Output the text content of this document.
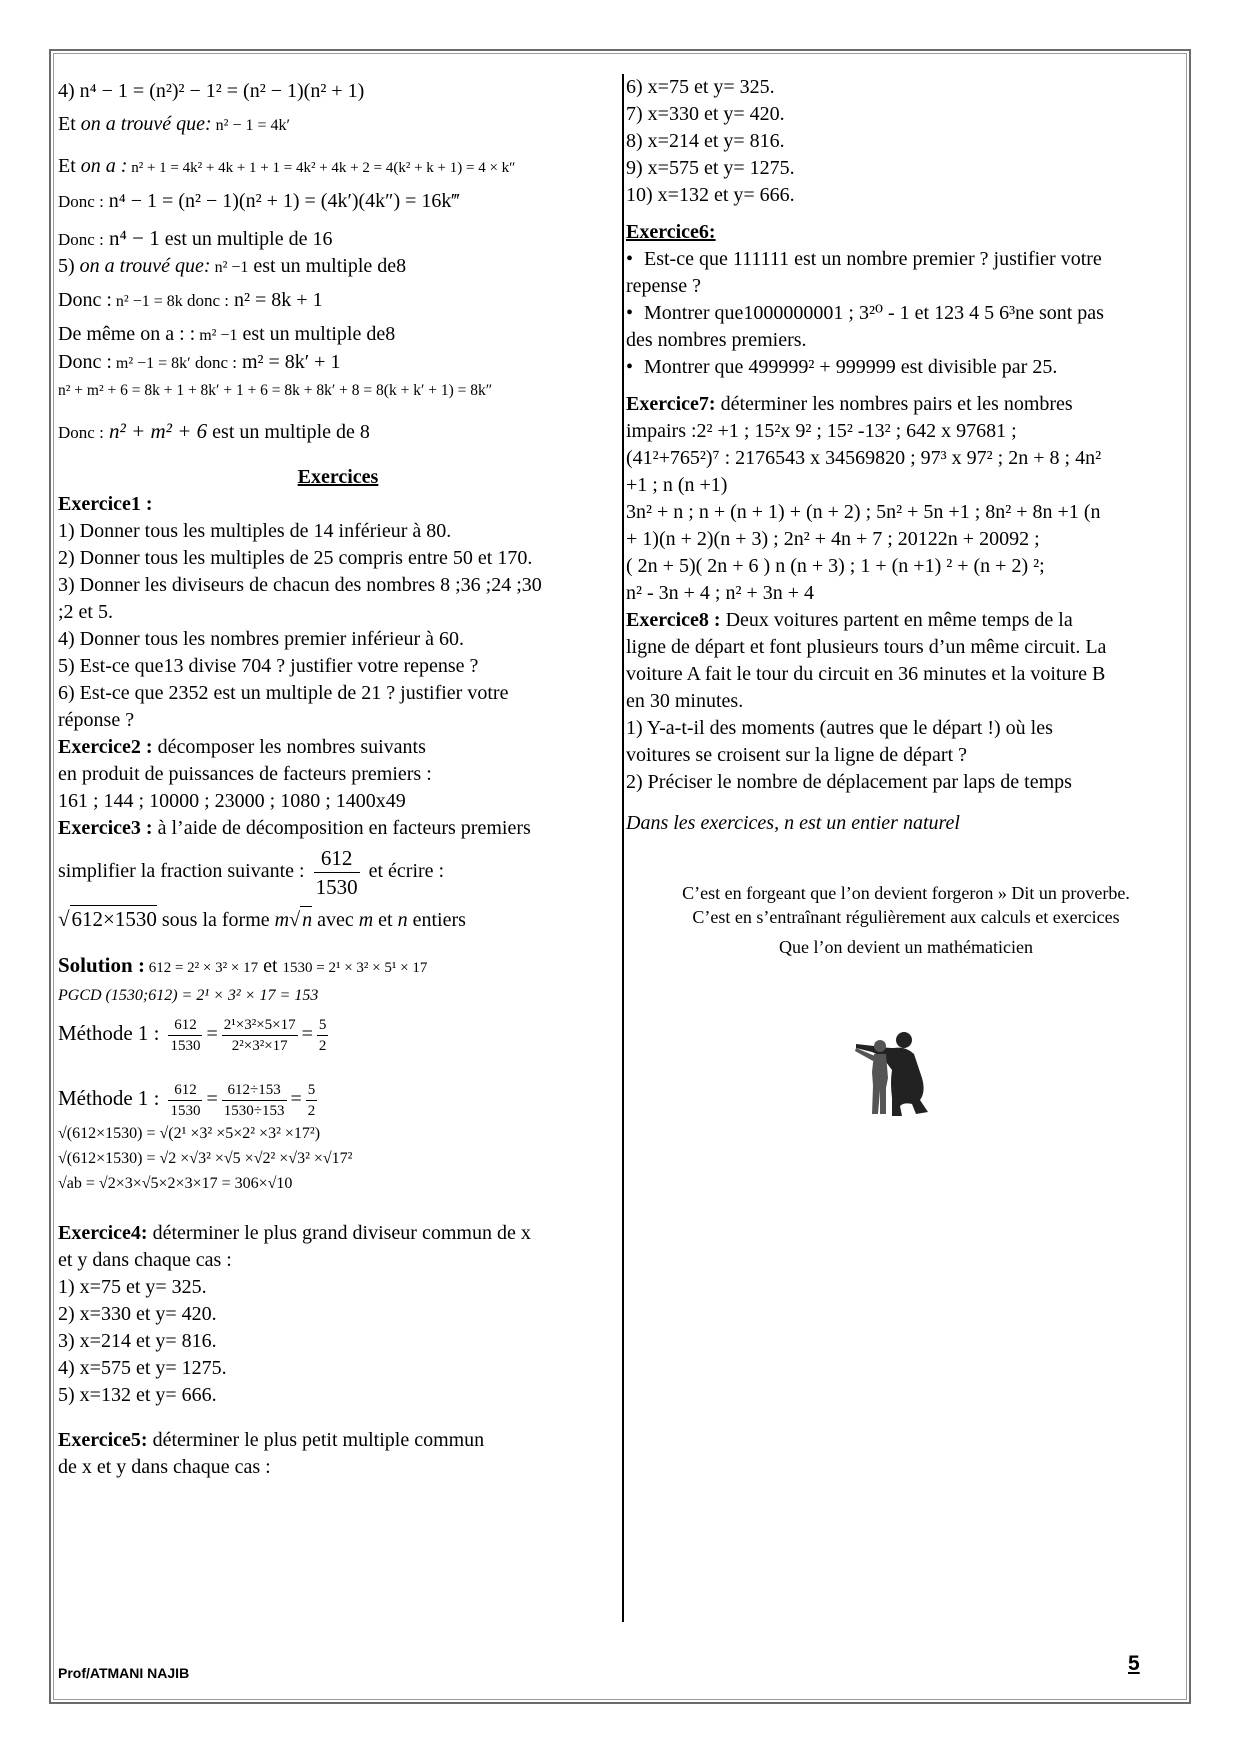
4) n⁴ − 1 = (n²)² − 1² = (n² − 1)(n² + 1)

Et on a trouvé que: n² − 1 = 4k′

Et on a : n² + 1 = 4k² + 4k + 1 + 1 = 4k² + 4k + 2 = 4(k² + k + 1) = 4 × k″

Donc : n⁴ − 1 = (n² − 1)(n² + 1) = (4k′)(4k″) = 16k‴

Donc : n⁴ − 1 est un multiple de 16

5) on a trouvé que: n² −1 est un multiple de8

Donc : n² −1 = 8k donc : n² = 8k + 1

De même on a : : m² −1 est un multiple de8

Donc : m² −1 = 8k′ donc : m² = 8k′ + 1

n² + m² + 6 = 8k + 1 + 8k′ + 1 + 6 = 8k + 8k′ + 8 = 8(k + k′ + 1) = 8k″

Donc : n² + m² + 6 est un multiple de 8

Exercices

Exercice1 :

1) Donner tous les multiples de 14 inférieur à 80.

2) Donner tous les multiples de 25 compris entre 50 et 170.

3) Donner les diviseurs de chacun des nombres 8 ;36 ;24 ;30

;2 et 5.

4) Donner tous les nombres premier inférieur à 60.

5) Est-ce que13 divise 704 ? justifier votre repense ?

6) Est-ce que 2352 est un multiple de 21 ? justifier votre

réponse ?

Exercice2 : décomposer les nombres suivants

en produit de puissances de facteurs premiers :

161 ; 144 ; 10000 ; 23000 ; 1080 ; 1400x49

Exercice3 : à l’aide de décomposition en facteurs premiers

simplifier la fraction suivante : $\frac{612}{1530}$ et écrire :

√612×1530 sous la forme m√ n avec m et n entiers

Solution : 612 = 2² × 3² × 17 et 1530 = 2¹ × 3² × 5¹ × 17

PGCD (1530;612) = 2¹ × 3² × 17 = 153

Méthode 1 : $\frac{612}{1530} = \frac{\text{2¹×3²×5×17}}{\text{2²×3²×17}} = \frac{5}{2}$

Méthode 1 : $\frac{612}{1530} = \frac{612\div 153}{1530\div 153} = \frac{5}{2}$

√(612×1530) = √(2¹ ×3² ×5×2² ×3² ×17²)

√(612×1530) = √2 ×√3² ×√5 ×√2² ×√3² ×√17²

√ab = √2×3×√5×2×3×17 = 306×√10

Exercice4: déterminer le plus grand diviseur commun de x

et y dans chaque cas :

1) x=75 et y= 325.

2) x=330 et y= 420.

3) x=214 et y= 816.

4) x=575 et y= 1275.

5) x=132 et y= 666.

Exercice5: déterminer le plus petit multiple commun

de x et y dans chaque cas :

6) x=75 et y= 325.

7) x=330 et y= 420.

8) x=214 et y= 816.

9) x=575 et y= 1275.

10) x=132 et y= 666.

Exercice6:

• Est-ce que 111111 est un nombre premier ? justifier votre

repense ?

• Montrer que1000000001 ; 3²⁰ - 1 et 123 4 5 6³ne sont pas

des nombres premiers.

• Montrer que 499999² + 999999 est divisible par 25.

Exercice7: déterminer les nombres pairs et les nombres

impairs :2² +1 ; 15²x 9² ; 15² -13² ; 642 x 97681 ;

(41²+765²)⁷ : 2176543 x 34569820 ; 97³ x 97² ; 2n + 8 ; 4n²

+1 ; n (n +1)

3n² + n ; n + (n + 1) + (n + 2) ; 5n² + 5n +1 ; 8n² + 8n +1 (n

+ 1)(n + 2)(n + 3) ; 2n² + 4n + 7 ; 20122n + 20092 ;

( 2n + 5)( 2n + 6 ) n (n + 3) ; 1 + (n +1) ² + (n + 2) ²;

n² - 3n + 4 ; n² + 3n + 4

Exercice8 : Deux voitures partent en même temps de la

ligne de départ et font plusieurs tours d’un même circuit. La

voiture A fait le tour du circuit en 36 minutes et la voiture B

en 30 minutes.

1) Y-a-t-il des moments (autres que le départ !) où les

voitures se croisent sur la ligne de départ ?

2) Préciser le nombre de déplacement par laps de temps

Dans les exercices, n est un entier naturel

C’est en forgeant que l’on devient forgeron » Dit un proverbe.

C’est en s’entraînant régulièrement aux calculs et exercices

Que l’on devient un mathématicien

Prof/ATMANI NAJIB	5
